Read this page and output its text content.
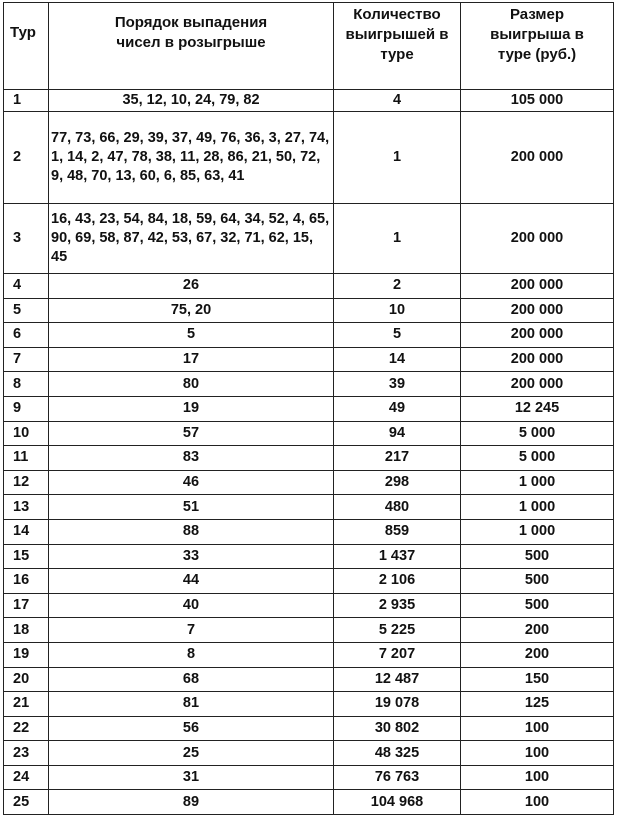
Тур	Порядок выпадения чисел в розыгрыше	Количество выигрышей в туре	Размер выигрыша в туре (руб.)
1	35, 12, 10, 24, 79, 82	4	105 000
2	77, 73, 66, 29, 39, 37, 49, 76, 36, 3, 27, 74, 1, 14, 2, 47, 78, 38, 11, 28, 86, 21, 50, 72, 9, 48, 70, 13, 60, 6, 85, 63, 41	1	200 000
3	16, 43, 23, 54, 84, 18, 59, 64, 34, 52, 4, 65, 90, 69, 58, 87, 42, 53, 67, 32, 71, 62, 15, 45	1	200 000
4	26	2	200 000
5	75, 20	10	200 000
6	5	5	200 000
7	17	14	200 000
8	80	39	200 000
9	19	49	12 245
10	57	94	5 000
11	83	217	5 000
12	46	298	1 000
13	51	480	1 000
14	88	859	1 000
15	33	1 437	500
16	44	2 106	500
17	40	2 935	500
18	7	5 225	200
19	8	7 207	200
20	68	12 487	150
21	81	19 078	125
22	56	30 802	100
23	25	48 325	100
24	31	76 763	100
25	89	104 968	100
